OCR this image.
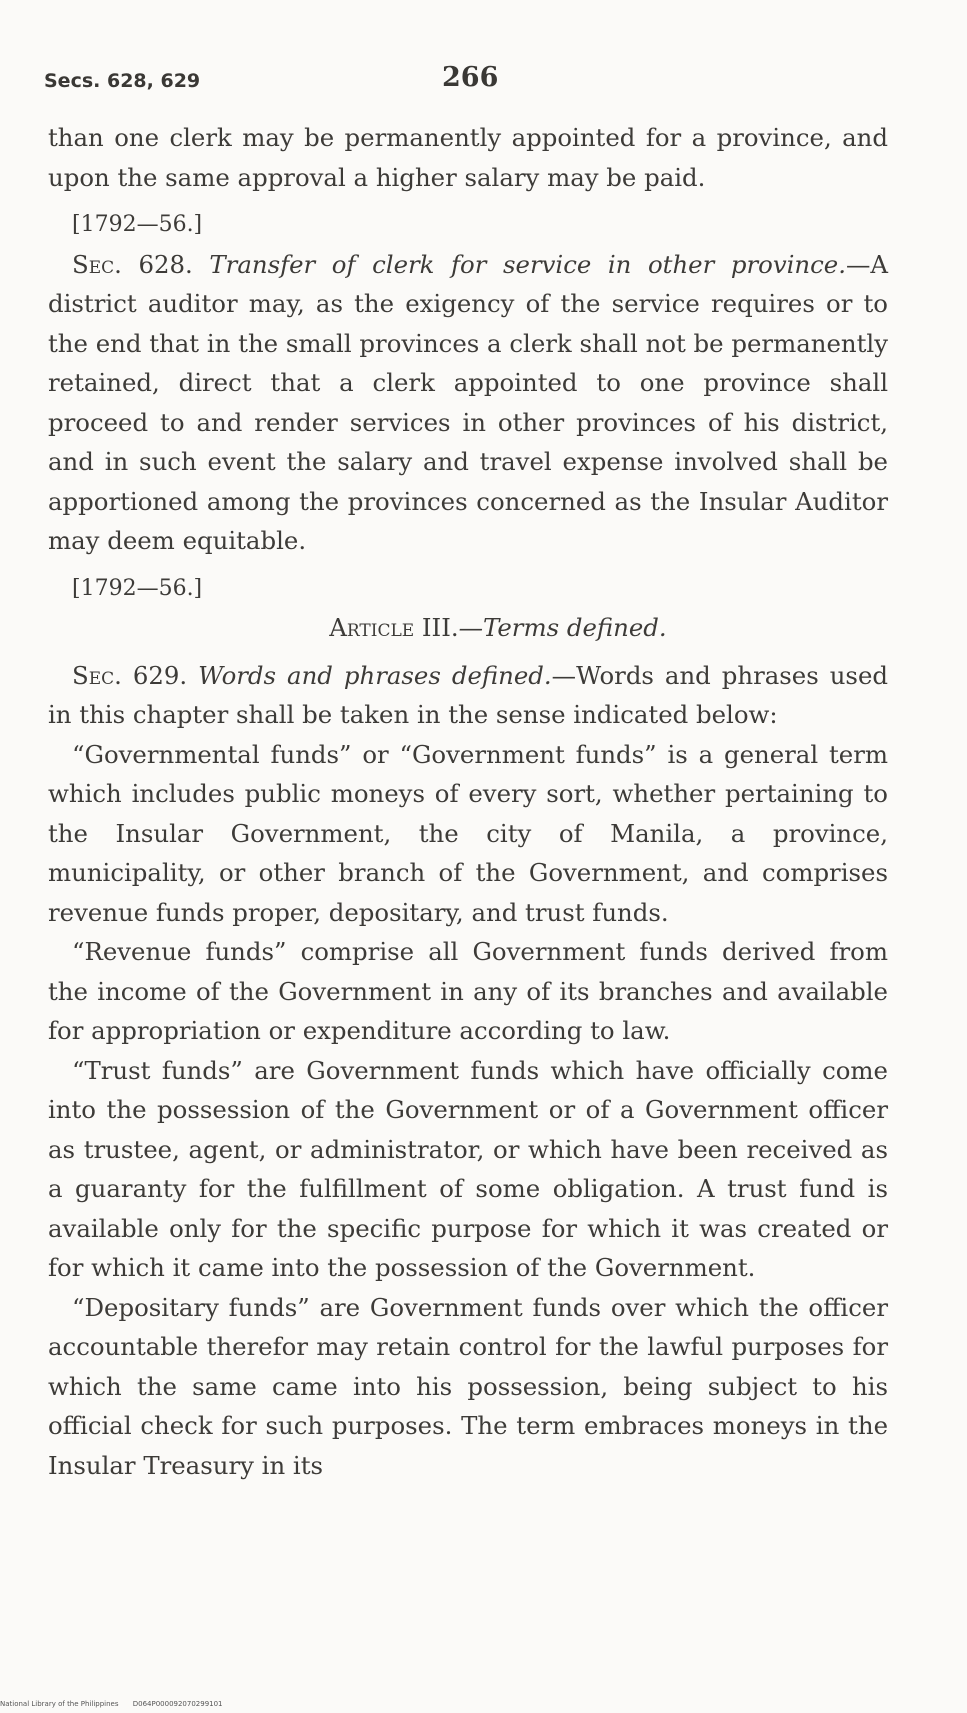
Secs. 628, 629	266

than one clerk may be permanently appointed for a province, and upon the same approval a higher salary may be paid.

[1792—56.]

Sec. 628. Transfer of clerk for service in other province.—A district auditor may, as the exigency of the service requires or to the end that in the small provinces a clerk shall not be permanently retained, direct that a clerk appointed to one province shall proceed to and render services in other provinces of his district, and in such event the salary and travel expense involved shall be apportioned among the provinces concerned as the Insular Auditor may deem equitable.

[1792—56.]

Article III.—Terms defined.

Sec. 629. Words and phrases defined.—Words and phrases used in this chapter shall be taken in the sense indicated below:

“Governmental funds” or “Government funds” is a general term which includes public moneys of every sort, whether pertaining to the Insular Government, the city of Manila, a province, municipality, or other branch of the Government, and comprises revenue funds proper, depositary, and trust funds.

“Revenue funds” comprise all Government funds derived from the income of the Government in any of its branches and available for appropriation or expenditure according to law.

“Trust funds” are Government funds which have officially come into the possession of the Government or of a Government officer as trustee, agent, or administrator, or which have been received as a guaranty for the fulfillment of some obligation. A trust fund is available only for the specific purpose for which it was created or for which it came into the possession of the Government.

“Depositary funds” are Government funds over which the officer accountable therefor may retain control for the lawful purposes for which the same came into his possession, being subject to his official check for such purposes. The term embraces moneys in the Insular Treasury in its

National Library of the Philippines D064P000092070299101
